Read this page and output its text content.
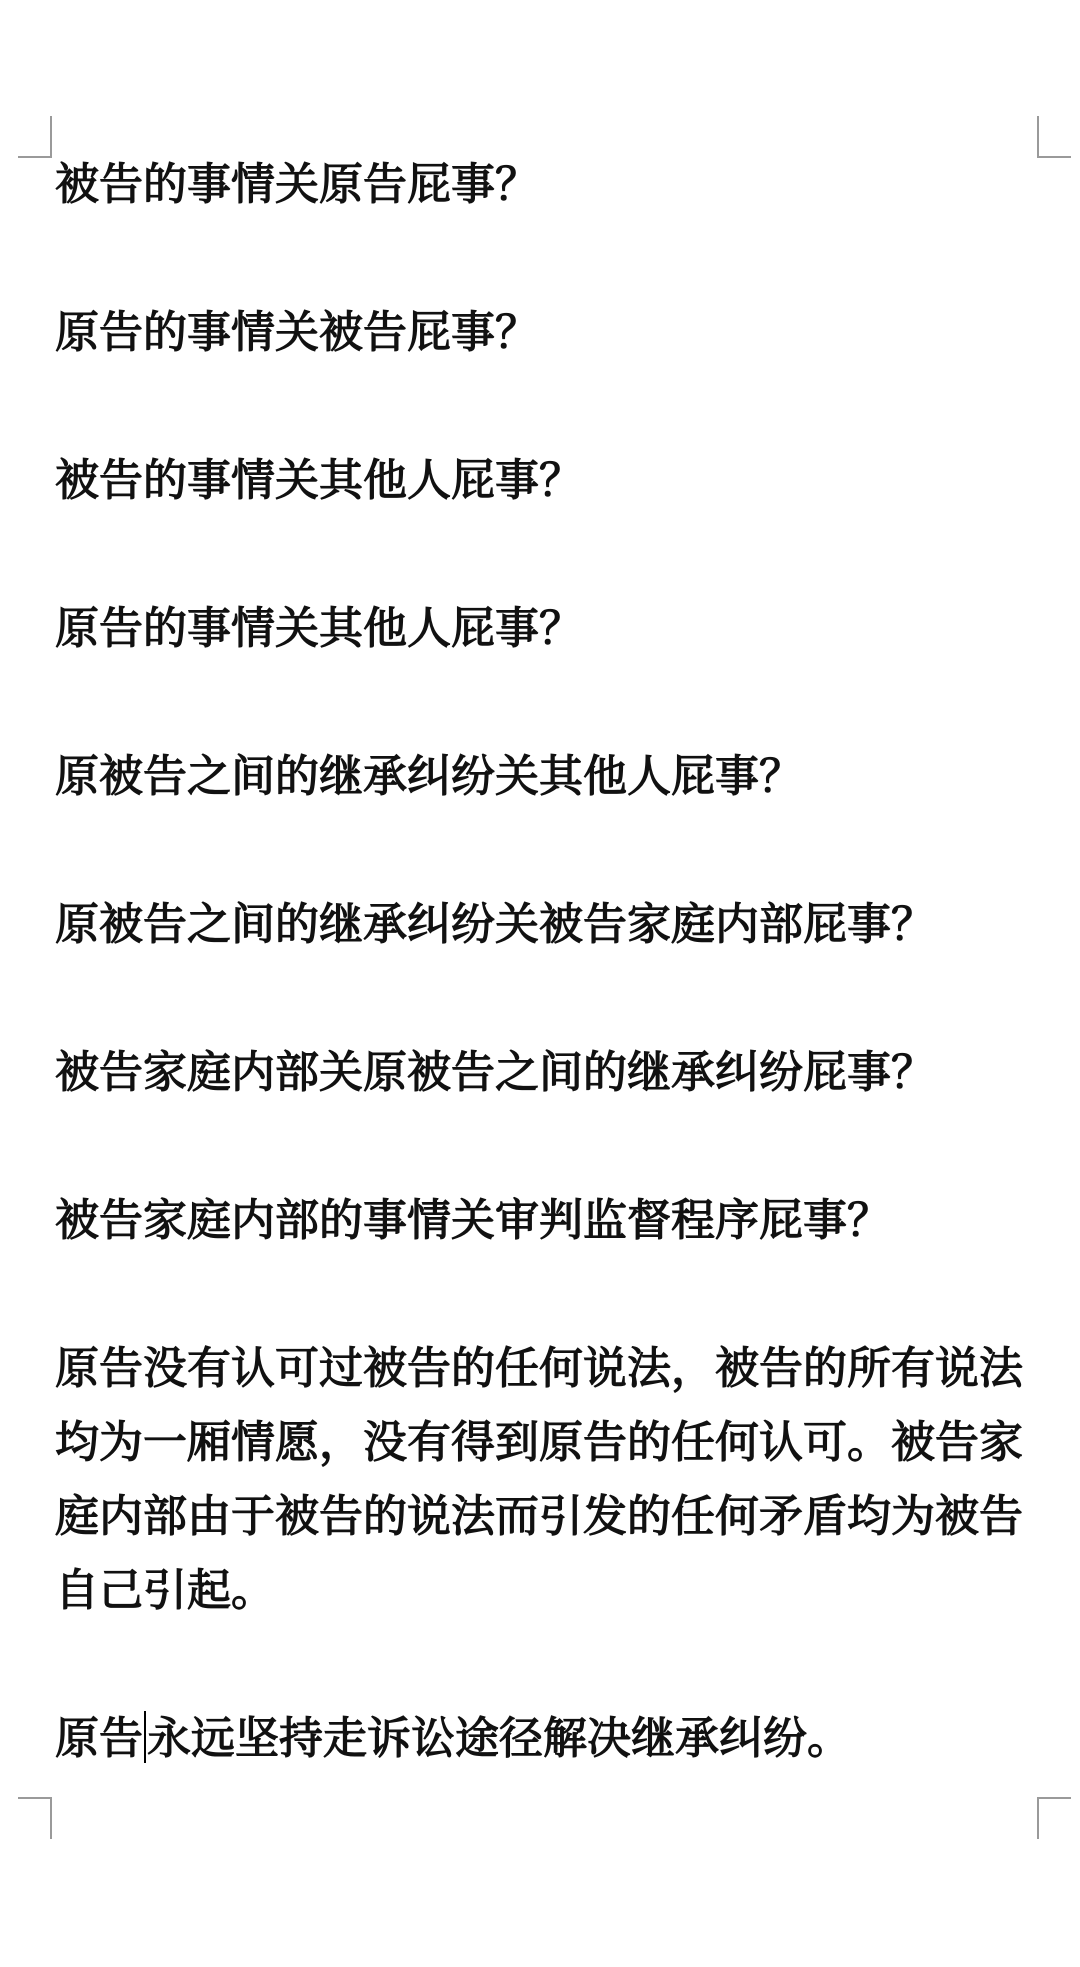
被告的事情关原告屁事？

原告的事情关被告屁事？

被告的事情关其他人屁事？

原告的事情关其他人屁事？

原被告之间的继承纠纷关其他人屁事？

原被告之间的继承纠纷关被告家庭内部屁事？

被告家庭内部关原被告之间的继承纠纷屁事？

被告家庭内部的事情关审判监督程序屁事？

原告没有认可过被告的任何说法，被告的所有说法均为一厢情愿，没有得到原告的任何认可。被告家庭内部由于被告的说法而引发的任何矛盾均为被告自己引起。

原告永远坚持走诉讼途径解决继承纠纷。
